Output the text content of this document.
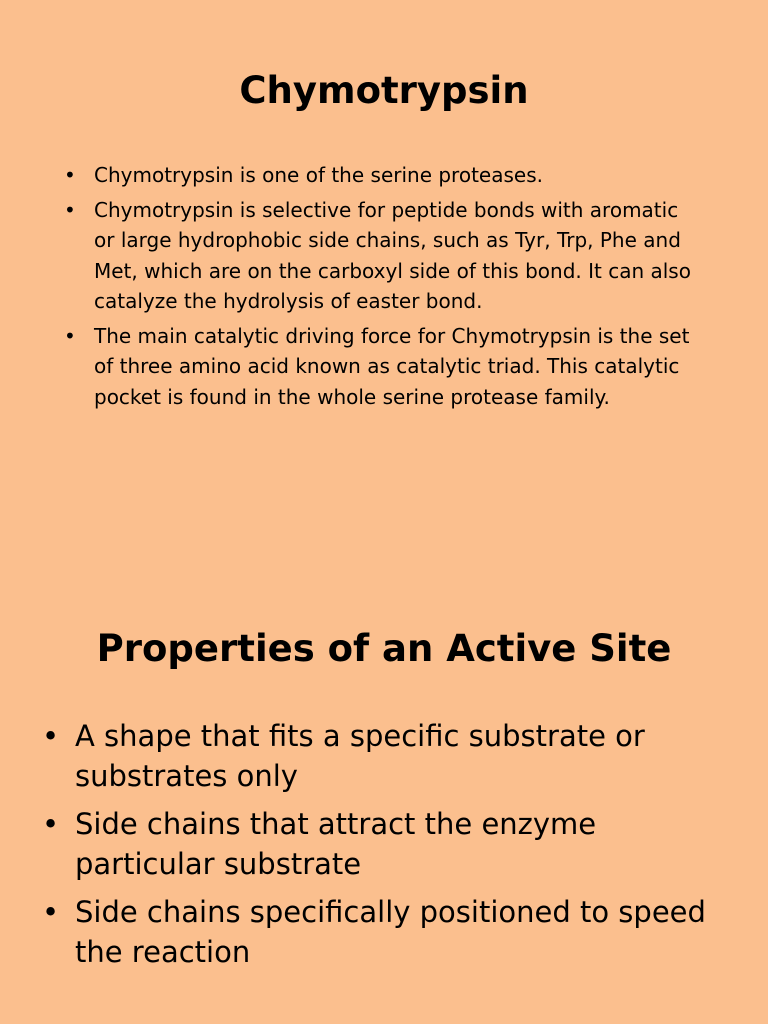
Chymotrypsin
• Chymotrypsin is one of the serine proteases.
• Chymotrypsin is selective for peptide bonds with aromatic or large hydrophobic side chains, such as Tyr, Trp, Phe and Met, which are on the carboxyl side of this bond. It can also catalyze the hydrolysis of easter bond.
• The main catalytic driving force for Chymotrypsin is the set of three amino acid known as catalytic triad. This catalytic pocket is found in the whole serine protease family.
Properties of an Active Site
• A shape that fits a specific substrate or substrates only
• Side chains that attract the enzyme particular substrate
• Side chains specifically positioned to speed the reaction
